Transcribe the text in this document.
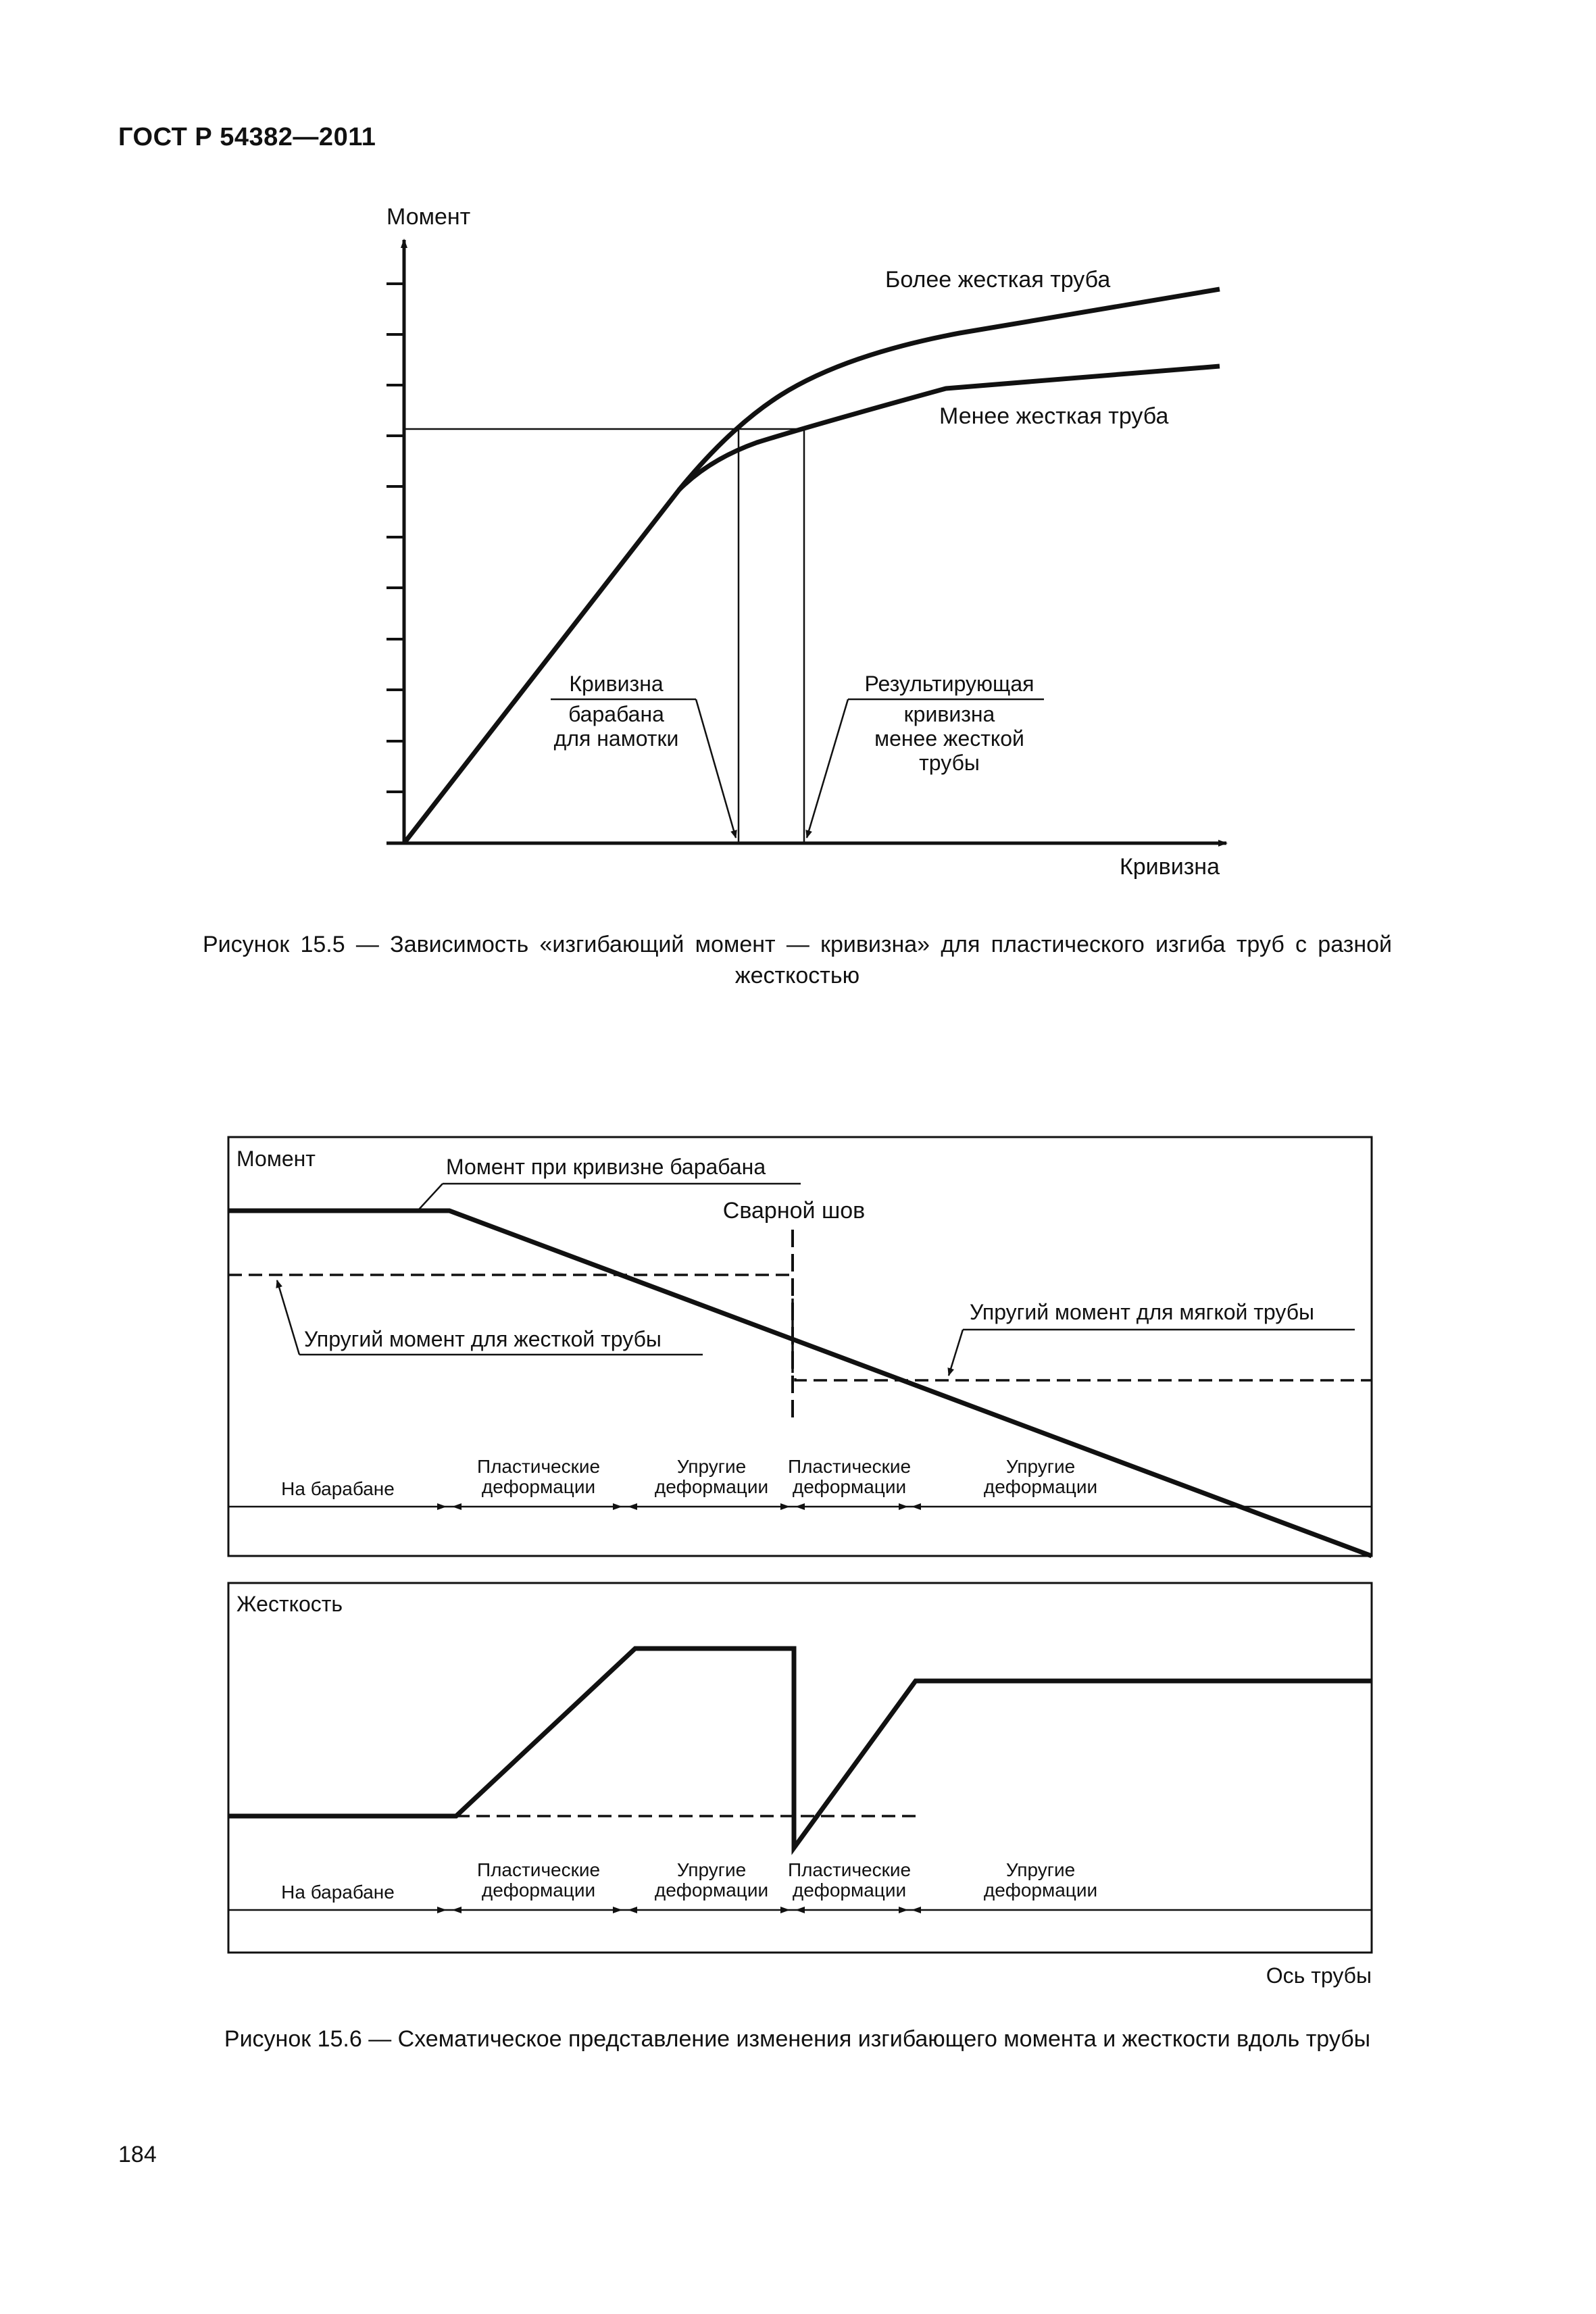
ГОСТ Р 54382—2011
Момент
Кривизна
Более жесткая труба
Менее жесткая труба
Кривизна
барабана
для намотки
Результирующая
кривизна
менее жесткой
трубы
Рисунок 15.5 — Зависимость «изгибающий момент — кривизна» для пластического изгиба труб с разной жесткостью
Момент	Момент при кривизне барабана
Сварной шов
Упругий момент для мягкой трубы
Упругий момент для жесткой трубы
На барабане
Пластические
деформации
Упругие
деформации
Пластические
деформации
Упругие
деформации
Жесткость
На барабане
Пластические
деформации
Упругие
деформации
Пластические
деформации
Упругие
деформации
Ось трубы
Рисунок 15.6 — Схематическое представление изменения изгибающего момента и жесткости вдоль трубы
184
